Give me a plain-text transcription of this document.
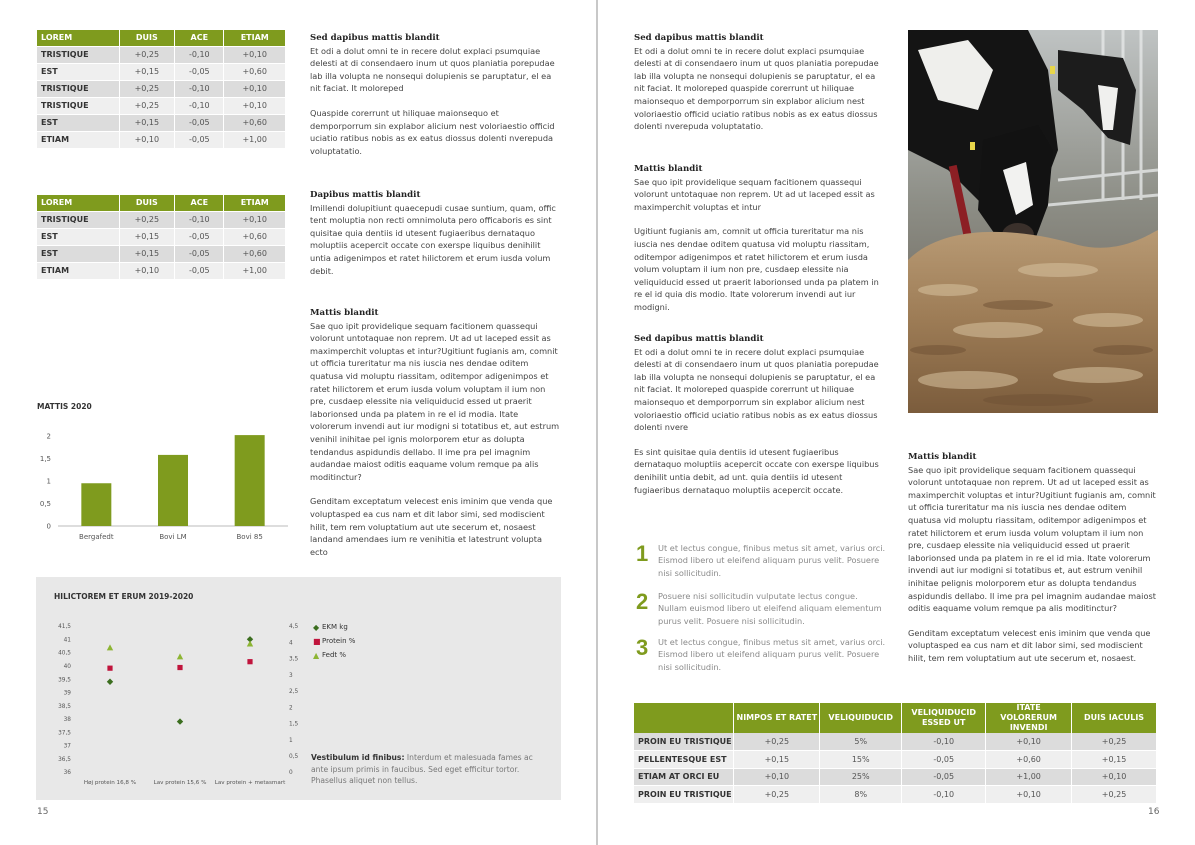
LOREM	DUIS	ACE	ETIAM
TRISTIQUE	+0,25	-0,10	+0,10
EST	+0,15	-0,05	+0,60
TRISTIQUE	+0,25	-0,10	+0,10
TRISTIQUE	+0,25	-0,10	+0,10
EST	+0,15	-0,05	+0,60
ETIAM	+0,10	-0,05	+1,00
LOREM	DUIS	ACE	ETIAM
TRISTIQUE	+0,25	-0,10	+0,10
EST	+0,15	-0,05	+0,60
EST	+0,15	-0,05	+0,60
ETIAM	+0,10	-0,05	+1,00
Sed dapibus mattis blandit

Et odi a dolut omni te in recere dolut explaci psumquiae delesti at di consendaero inum ut quos planiatia porepudae lab illa volupta ne nonsequi dolupienis se paruptatur, el ea nit faciat. It moloreped

Quaspide corerrunt ut hiliquae maionsequo et demporporrum sin explabor alicium nest voloriaestio officid uciatio ratibus nobis as ex eatus diossus dolenti nverepuda voluptatatio.

Dapibus mattis blandit

Imillendi dolupitiunt quaecepudi cusae suntium, quam, offic tent moluptia non recti omnimoluta pero officaboris es sint quisitae quia dentiis id utesent fugiaeribus dernataquo moluptiis acepercit occate con exerspe liquibus denihilit untia adigenimpos et ratet hilictorem et erum iusda volum debit.

Mattis blandit

Sae quo ipit providelique sequam facitionem quassequi volorunt untotaquae non reprem. Ut ad ut laceped essit as maximperchit voluptas et intur?Ugitiunt fugianis am, comnit ut officia tureritatur ma nis iuscia nes dendae oditem quatusa vid moluptu riassitam, oditempor adigenimpos et ratet hilictorem et erum iusda volum voluptam il ium non pre, cusdaep elessite nia veliquiducid essed ut praerit laborionsed unda pa platem in re el id modia. Itate volorerum invendi aut iur modigni si totatibus et, aut estrum venihil inihitae pel ignis molorporem etur as dolupta tendandus aspidundis dellabo. Il ime pra pel imagnim audandae maiost oditis eaquame volum remque pa alis moditinctur?

Genditam exceptatum velecest enis iminim que venda que voluptasped ea cus nam et dit labor simi, sed modiscient hilit, tem rem voluptatium aut ute secerum et, nosaest landand amendaes ium re venihitia et latestrunt volupta ecto

MATTIS 2020
0
0,5
1
1,5
2
Bergafedt	Bovi LM	Bovi 85
HILICTOREM ET ERUM 2019-2020
36
36,5
37
37,5
38
38,5
39
39,5
40
40,5
41
41,5
0
0,5
1
1,5
2
2,5
3
3,5
4
4,5
Høj protein 16,8 %	Lav protein 15,6 % Lav protein + metasmart
◆ EKM kg
■ Protein %
▲ Fedt %
Vestibulum id finibus: Interdum et malesuada fames ac ante ipsum primis in faucibus. Sed eget efficitur tortor. Phasellus aliquet non tellus.
15
Sed dapibus mattis blandit

Et odi a dolut omni te in recere dolut explaci psumquiae delesti at di consendaero inum ut quos planiatia porepudae lab illa volupta ne nonsequi dolupienis se paruptatur, el ea nit faciat. It moloreped quaspide corerrunt ut hiliquae maionsequo et demporporrum sin explabor alicium nest voloriaestio officid uciatio ratibus nobis as ex eatus diossus dolenti nverepuda voluptatatio.

Mattis blandit

Sae quo ipit providelique sequam facitionem quassequi volorunt untotaquae non reprem. Ut ad ut laceped essit as maximperchit voluptas et intur

Ugitiunt fugianis am, comnit ut officia tureritatur ma nis iuscia nes dendae oditem quatusa vid moluptu riassitam, oditempor adigenimpos et ratet hilictorem et erum iusda volum voluptam il ium non pre, cusdaep elessite nia veliquiducid essed ut praerit laborionsed unda pa platem in re el id quia dis modio. Itate volorerum invendi aut iur modigni.

Sed dapibus mattis blandit

Et odi a dolut omni te in recere dolut explaci psumquiae delesti at di consendaero inum ut quos planiatia porepudae lab illa volupta ne nonsequi dolupienis se paruptatur, el ea nit faciat. It moloreped quaspide corerrunt ut hiliquae maionsequo et demporporrum sin explabor alicium nest voloriaestio officid uciatio ratibus nobis as ex eatus diossus dolenti nvere

Es sint quisitae quia dentiis id utesent fugiaeribus dernataquo moluptiis acepercit occate con exerspe liquibus denihilit untia debit, ad unt. quia dentiis id utesent fugiaeribus dernataquo moluptiis acepercit occate.

1 Ut et lectus congue, finibus metus sit amet, varius orci. Eismod libero ut eleifend aliquam purus velit. Posuere nisi sollicitudin.
2 Posuere nisi sollicitudin vulputate lectus congue. Nullam euismod libero ut eleifend aliquam elementum purus velit. Posuere nisi sollicitudin.
3 Ut et lectus congue, finibus metus sit amet, varius orci. Eismod libero ut eleifend aliquam purus velit. Posuere nisi sollicitudin.
Mattis blandit

Sae quo ipit providelique sequam facitionem quassequi volorunt untotaquae non reprem. Ut ad ut laceped essit as maximperchit voluptas et intur?Ugitiunt fugianis am, comnit ut officia tureritatur ma nis iuscia nes dendae oditem quatusa vid moluptu riassitam, oditempor adigenimpos et ratet hilictorem et erum iusda volum voluptam il ium non pre, cusdaep elessite nia veliquiducid essed ut praerit laborionsed unda pa platem in re el id mia. Itate volorerum invendi aut iur modigni si totatibus et, aut estrum venihil inihitae pelignis molorporem etur as dolupta tendandus aspidundis dellabo. Il ime pra pel imagnim audandae maiost oditis eaquame volum remque pa alis moditinctur?

Genditam exceptatum velecest enis iminim que venda que voluptasped ea cus nam et dit labor simi, sed modiscient hilit, tem rem voluptatium aut ute secerum et, nosaest.

	NIMPOS ET RATET	VELIQUIDUCID	VELIQUIDUCID ESSED UT	ITATE VOLORERUM INVENDI	DUIS IACULIS
PROIN EU TRISTIQUE	+0,25	5%	-0,10	+0,10	+0,25
PELLENTESQUE EST	+0,15	15%	-0,05	+0,60	+0,15
ETIAM AT ORCI EU	+0,10	25%	-0,05	+1,00	+0,10
PROIN EU TRISTIQUE	+0,25	8%	-0,10	+0,10	+0,25
16
